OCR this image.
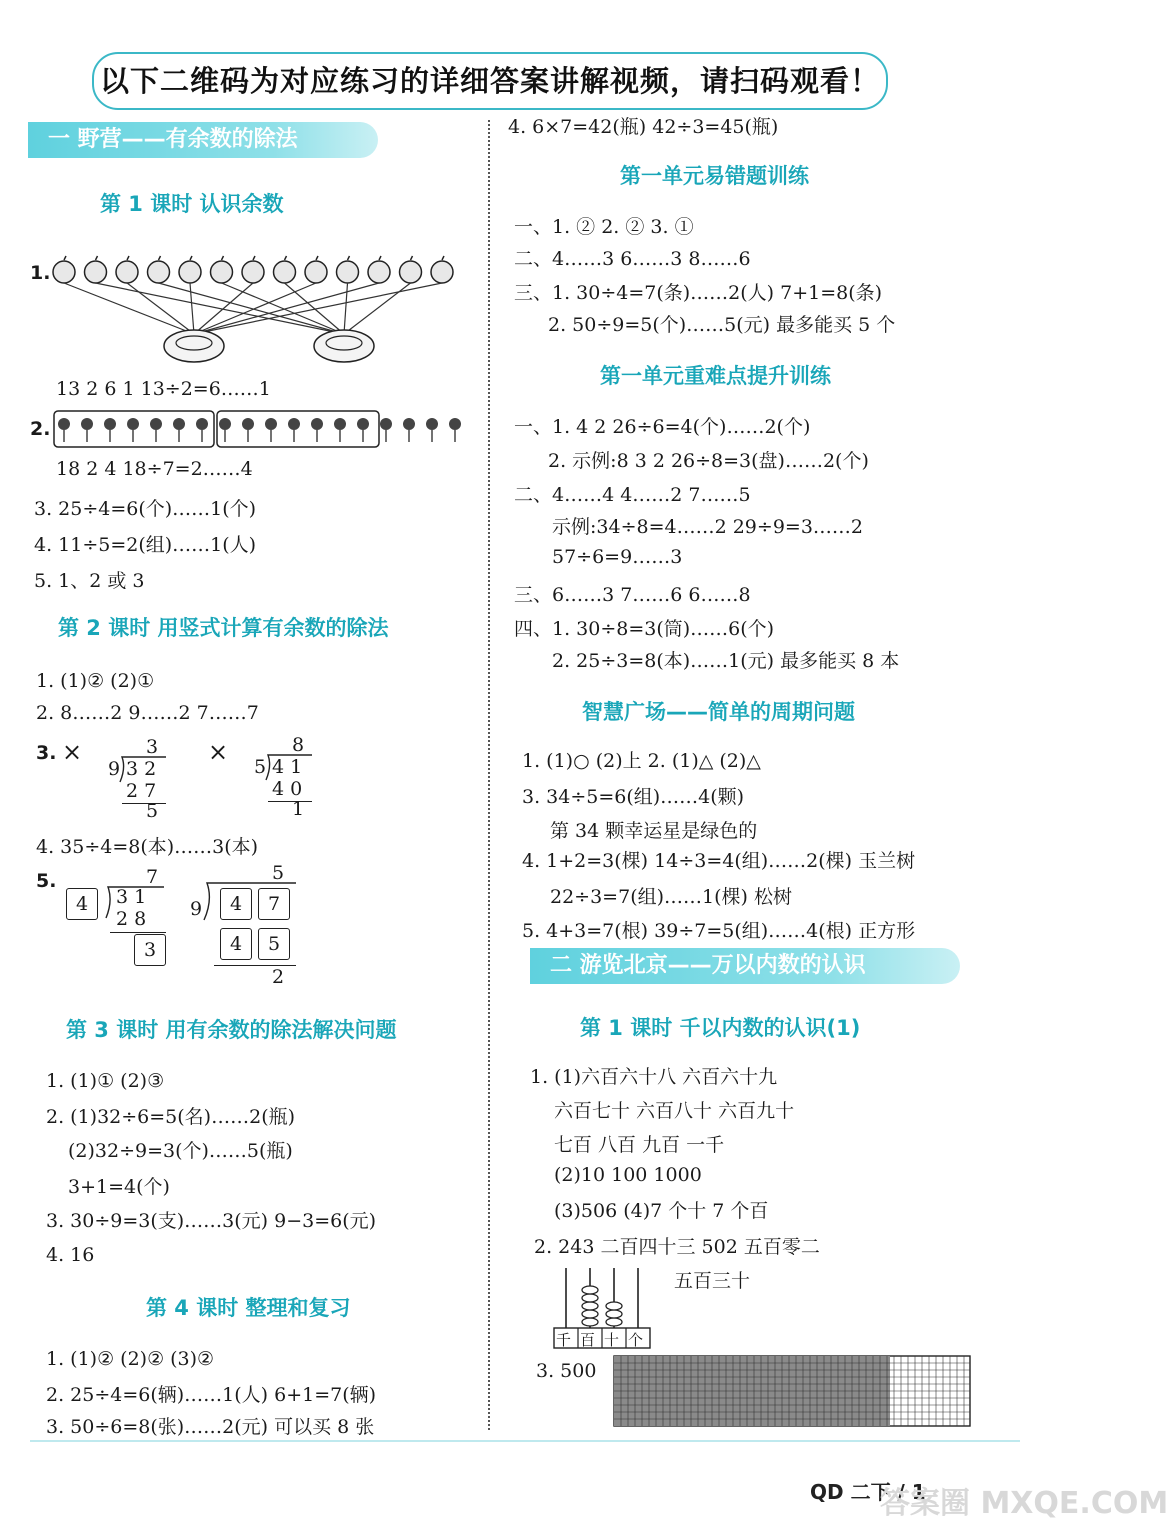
以下二维码为对应练习的详细答案讲解视频，请扫码观看！
一 野营——有余数的除法
第 1 课时 认识余数
1.
13 2 6 1 13÷2=6……1
2.
18 2 4 18÷7=2……4
3. 25÷4=6(个)……1(个)
4. 11÷5=2(组)……1(人)
5. 1、2 或 3
第 2 课时 用竖式计算有余数的除法
1. (1)② (2)①
2. 8……2 9……2 7……7
3. ×	×
3
9 3 2
2 7
5
8
5 4 1
4 0
1
4. 35÷4=8(本)……3(本)
5.	7
4	3 1
2 8
3
5
9	4	7
4	5
2
第 3 课时 用有余数的除法解决问题
1. (1)① (2)③
2. (1)32÷6=5(名)……2(瓶)
(2)32÷9=3(个)……5(瓶)
3+1=4(个)
3. 30÷9=3(支)……3(元) 9−3=6(元)
4. 16
第 4 课时 整理和复习
1. (1)② (2)② (3)②
2. 25÷4=6(辆)……1(人) 6+1=7(辆)
3. 50÷6=8(张)……2(元) 可以买 8 张
4. 6×7=42(瓶) 42÷3=45(瓶)
第一单元易错题训练
一、1. ② 2. ② 3. ①
二、4……3 6……3 8……6
三、1. 30÷4=7(条)……2(人) 7+1=8(条)
2. 50÷9=5(个)……5(元) 最多能买 5 个
第一单元重难点提升训练
一、1. 4 2 26÷6=4(个)……2(个)
2. 示例:8 3 2 26÷8=3(盘)……2(个)
二、4……4 4……2 7……5
示例:34÷8=4……2 29÷9=3……2
57÷6=9……3
三、6……3 7……6 6……8
四、1. 30÷8=3(筒)……6(个)
2. 25÷3=8(本)……1(元) 最多能买 8 本
智慧广场——简单的周期问题
1. (1)○ (2)上 2. (1)△ (2)△
3. 34÷5=6(组)……4(颗)
第 34 颗幸运星是绿色的
4. 1+2=3(棵) 14÷3=4(组)……2(棵) 玉兰树
22÷3=7(组)……1(棵) 松树
5. 4+3=7(根) 39÷7=5(组)……4(根) 正方形
二 游览北京——万以内数的认识
第 1 课时 千以内数的认识(1)
1. (1)六百六十八 六百六十九
六百七十 六百八十 六百九十
七百 八百 九百 一千
(2)10 100 1000
(3)506 (4)7 个十 7 个百
2. 243 二百四十三 502 五百零二
五百三十
千 百 十 个
3. 500
QD 二下 / 1
答案圈 MXQE.COM
